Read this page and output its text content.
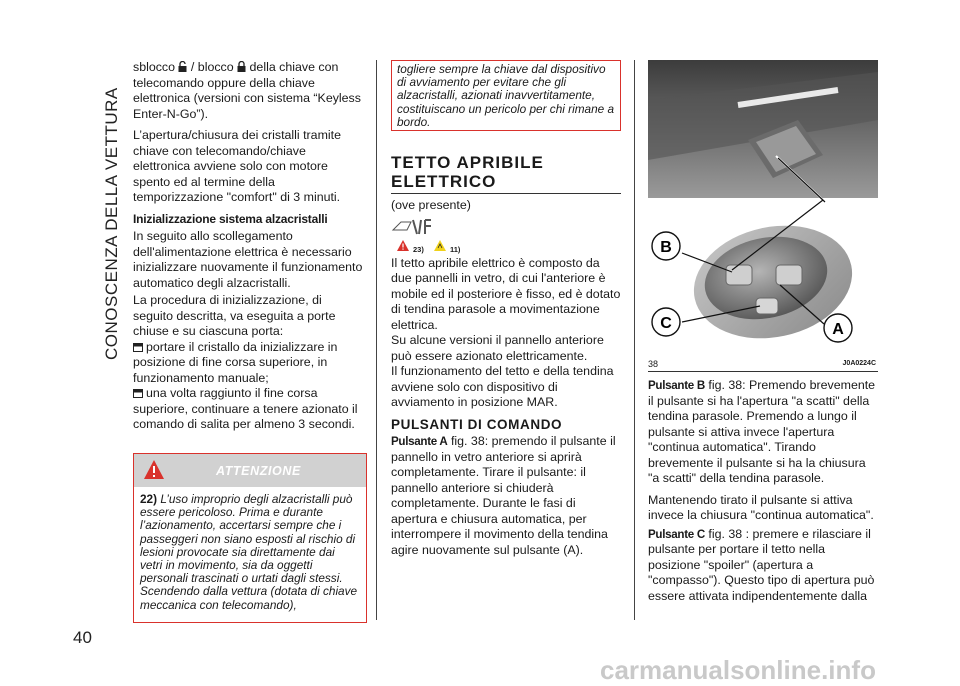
CONOSCENZA DELLA VETTURA
40

sblocco / blocco della chiave con telecomando oppure della chiave elettronica (versioni con sistema “Keyless Enter-N-Go”).

L’apertura/chiusura dei cristalli tramite chiave con telecomando/chiave elettronica avviene solo con motore spento ed al termine della temporizzazione "comfort" di 3 minuti.

Inizializzazione sistema alzacristalli

In seguito allo scollegamento dell'alimentazione elettrica è necessario inizializzare nuovamente il funzionamento automatico degli alzacristalli.

La procedura di inizializzazione, di seguito descritta, va eseguita a porte chiuse e su ciascuna porta:

portare il cristallo da inizializzare in posizione di fine corsa superiore, in funzionamento manuale;
una volta raggiunto il fine corsa superiore, continuare a tenere azionato il comando di salita per almeno 3 secondi.
ATTENZIONE
22) L’uso improprio degli alzacristalli può essere pericoloso. Prima e durante l’azionamento, accertarsi sempre che i passeggeri non siano esposti al rischio di lesioni provocate sia direttamente dai vetri in movimento, sia da oggetti personali trascinati o urtati dagli stessi. Scendendo dalla vettura (dotata di chiave meccanica con telecomando),
togliere sempre la chiave dal dispositivo di avviamento per evitare che gli alzacristalli, azionati inavvertitamente, costituiscano un pericolo per chi rimane a bordo.
TETTO APRIBILE ELETTRICO

(ove presente)

23)	11)

Il tetto apribile elettrico è composto da due pannelli in vetro, di cui l'anteriore è mobile ed il posteriore è fisso, ed è dotato di tendina parasole a movimentazione elettrica.

Su alcune versioni il pannello anteriore può essere azionato elettricamente.

Il funzionamento del tetto e della tendina avviene solo con dispositivo di avviamento in posizione MAR.

PULSANTI DI COMANDO

Pulsante A fig. 38: premendo il pulsante il pannello in vetro anteriore si aprirà completamente. Tirare il pulsante: il pannello anteriore si chiuderà completamente. Durante le fasi di apertura e chiusura automatica, per interrompere il movimento della tendina agire nuovamente sul pulsante (A).

B
C	A
38	J0A0224C

Pulsante B fig. 38: Premendo brevemente il pulsante si ha l'apertura "a scatti" della tendina parasole. Premendo a lungo il pulsante si attiva invece l'apertura "continua automatica". Tirando brevemente il pulsante si ha la chiusura "a scatti" della tendina parasole.

Mantenendo tirato il pulsante si attiva invece la chiusura "continua automatica".

Pulsante C fig. 38 : premere e rilasciare il pulsante per portare il tetto nella posizione "spoiler" (apertura a "compasso"). Questo tipo di apertura può essere attivata indipendentemente dalla

carmanualsonline.info
